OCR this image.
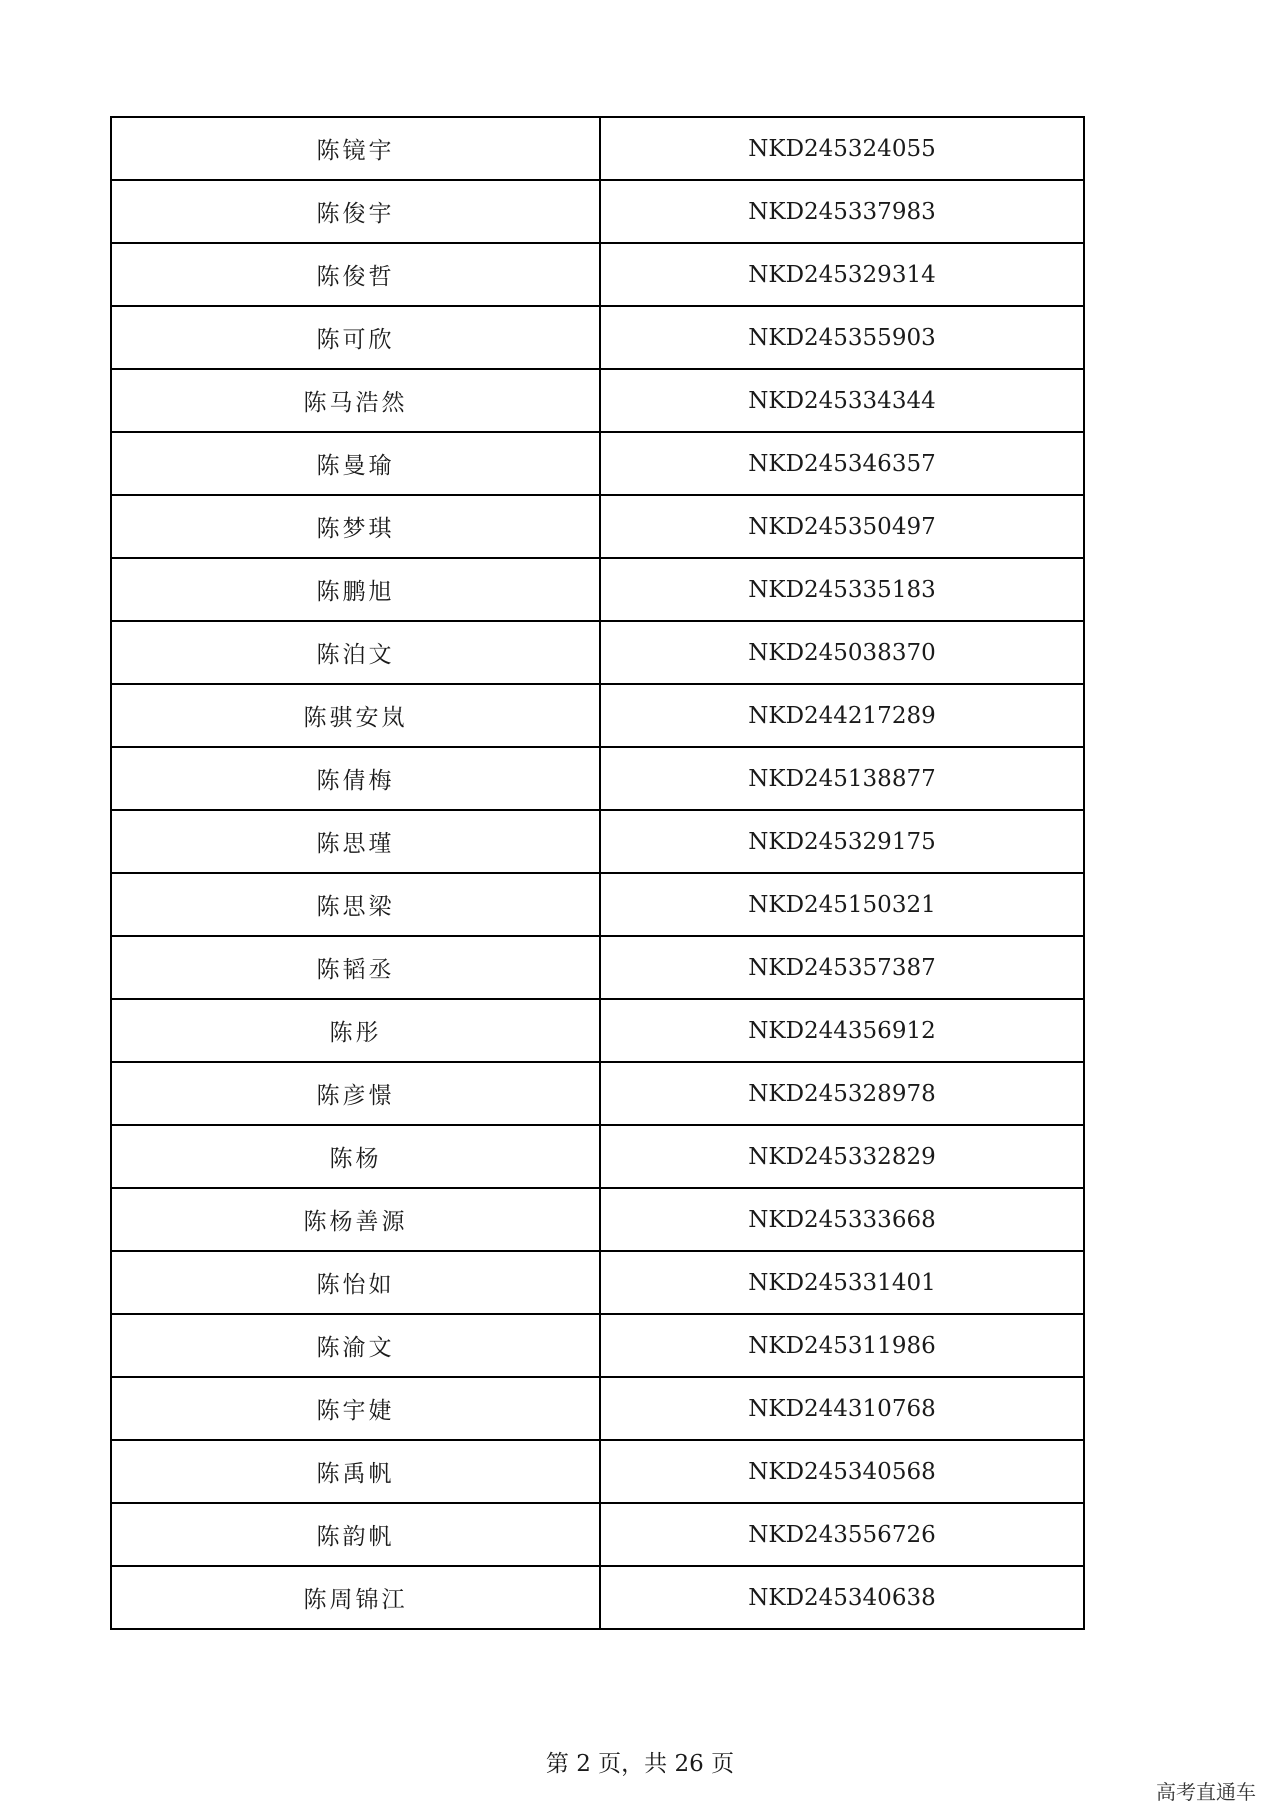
陈镜宇	NKD245324055
陈俊宇	NKD245337983
陈俊哲	NKD245329314
陈可欣	NKD245355903
陈马浩然	NKD245334344
陈曼瑜	NKD245346357
陈梦琪	NKD245350497
陈鹏旭	NKD245335183
陈泊文	NKD245038370
陈骐安岚	NKD244217289
陈倩梅	NKD245138877
陈思瑾	NKD245329175
陈思梁	NKD245150321
陈韬丞	NKD245357387
陈彤	NKD244356912
陈彦憬	NKD245328978
陈杨	NKD245332829
陈杨善源	NKD245333668
陈怡如	NKD245331401
陈渝文	NKD245311986
陈宇婕	NKD244310768
陈禹帆	NKD245340568
陈韵帆	NKD243556726
陈周锦江	NKD245340638
第 2 页，共 26 页
高考直通车
